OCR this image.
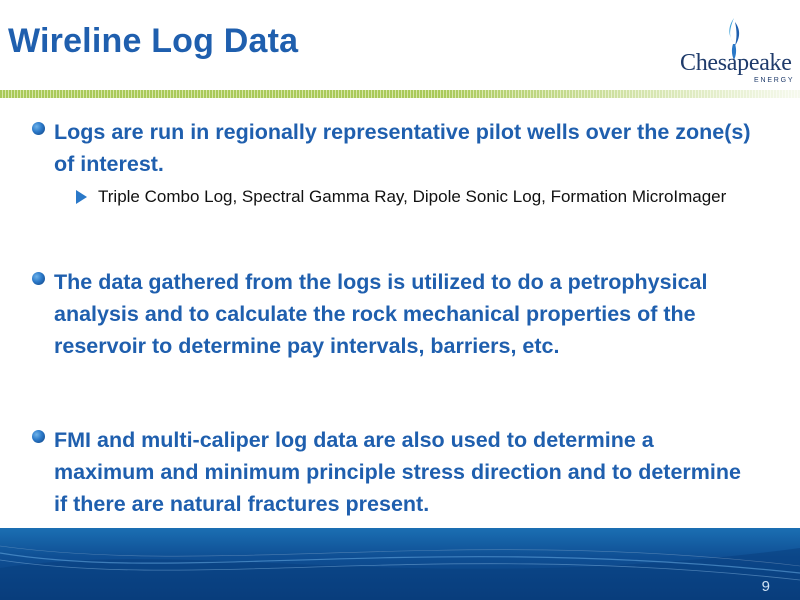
Wireline Log Data
Chesapeake
ENERGY
Logs are run in regionally representative pilot wells over the zone(s) of interest.
Triple Combo Log, Spectral Gamma Ray, Dipole Sonic Log, Formation MicroImager
The data gathered from the logs is utilized to do a petrophysical analysis and to calculate the rock mechanical properties of the reservoir to determine pay intervals, barriers, etc.
FMI and multi-caliper log data are also used to determine a maximum and minimum principle stress direction and to determine if there are natural fractures present.
9
